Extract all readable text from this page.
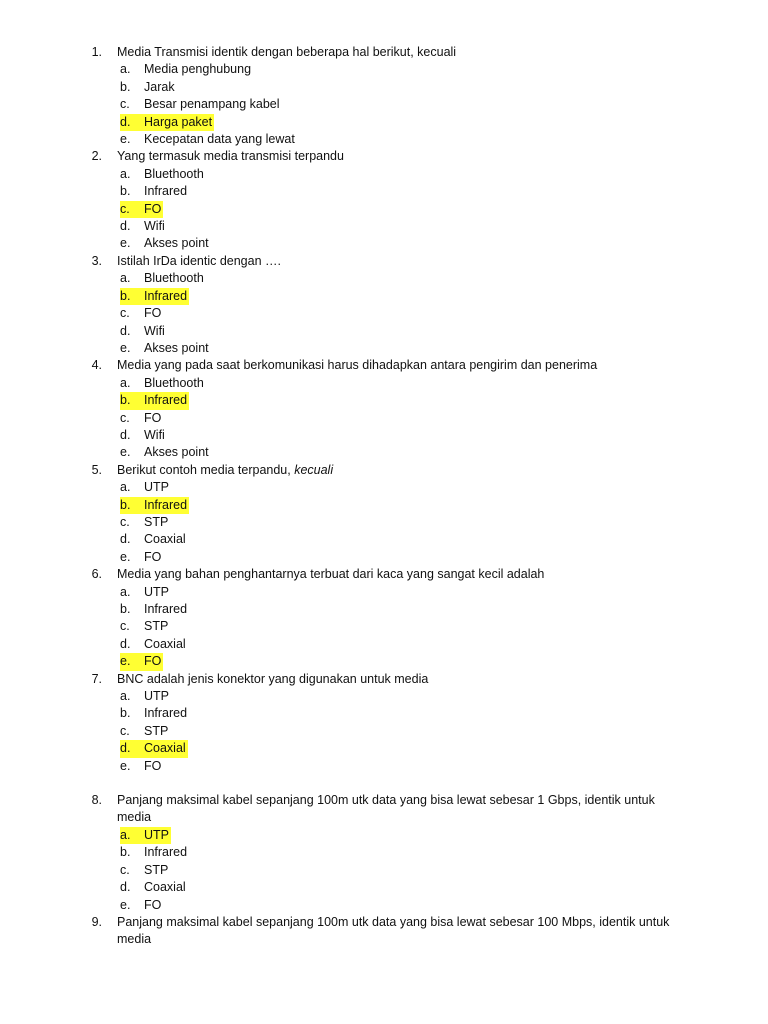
1.	Media Transmisi identik dengan beberapa hal berikut, kecuali
a.	Media penghubung
b.	Jarak
c.	Besar penampang kabel
d.	Harga paket
e.	Kecepatan data yang lewat
2.	Yang termasuk media transmisi terpandu
a.	Bluethooth
b.	Infrared
c.	FO
d.	Wifi
e.	Akses point
3.	Istilah IrDa identic dengan ….
a.	Bluethooth
b.	Infrared
c.	FO
d.	Wifi
e.	Akses point
4.	Media yang pada saat berkomunikasi harus dihadapkan antara pengirim dan penerima
a.	Bluethooth
b.	Infrared
c.	FO
d.	Wifi
e.	Akses point
5.	Berikut contoh media terpandu, kecuali
a.	UTP
b.	Infrared
c.	STP
d.	Coaxial
e.	FO
6.	Media yang bahan penghantarnya terbuat dari kaca yang sangat kecil adalah
a.	UTP
b.	Infrared
c.	STP
d.	Coaxial
e.	FO
7.	BNC adalah jenis konektor yang digunakan untuk media
a.	UTP
b.	Infrared
c.	STP
d.	Coaxial
e.	FO
8.	Panjang maksimal kabel sepanjang 100m utk data yang bisa lewat sebesar 1 Gbps, identik untuk media
a.	UTP
b.	Infrared
c.	STP
d.	Coaxial
e.	FO
9.	Panjang maksimal kabel sepanjang 100m utk data yang bisa lewat sebesar 100 Mbps, identik untuk media
